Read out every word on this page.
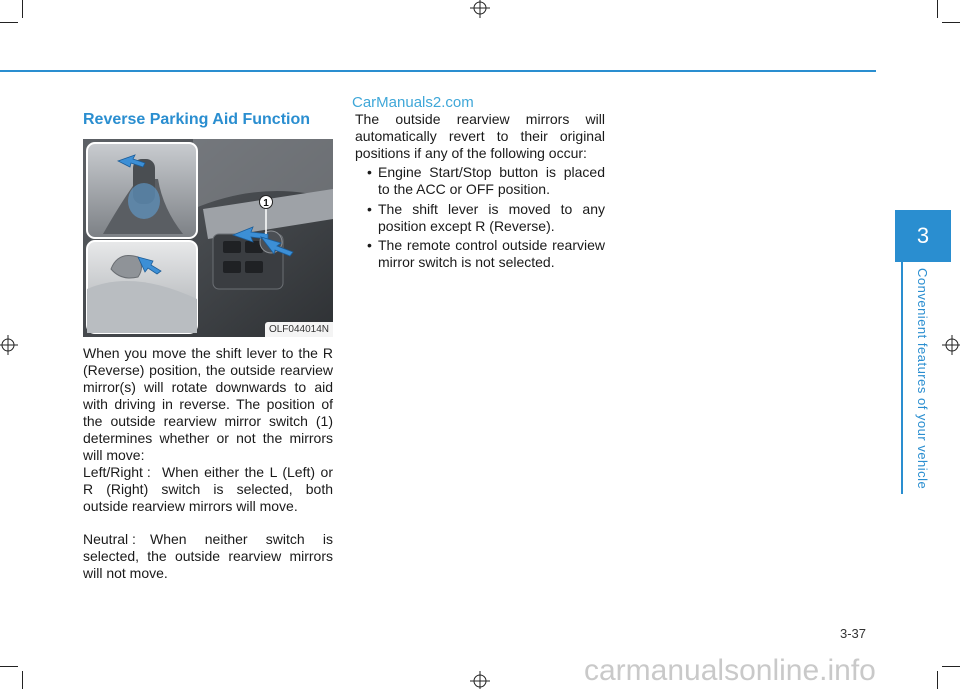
CarManuals2.com
Reverse Parking Aid Function
1
OLF044014N
When you move the shift lever to the R (Reverse) position, the outside rearview mirror(s) will rotate downwards to aid with driving in reverse. The position of the outside rearview mirror switch (1) determines whether or not the mirrors will move:
Left/Right : When either the L (Left) or R (Right) switch is selected, both outside rearview mirrors will move.
Neutral :	When neither switch is selected, the outside rearview mirrors will not move.
The outside rearview mirrors will automatically revert to their original positions if any of the following occur:
• Engine Start/Stop button is placed to the ACC or OFF position.
• The shift lever is moved to any position except R (Reverse).
• The remote control outside rearview mirror switch is not selected.
3
Convenient features of your vehicle
3-37
carmanualsonline.info
